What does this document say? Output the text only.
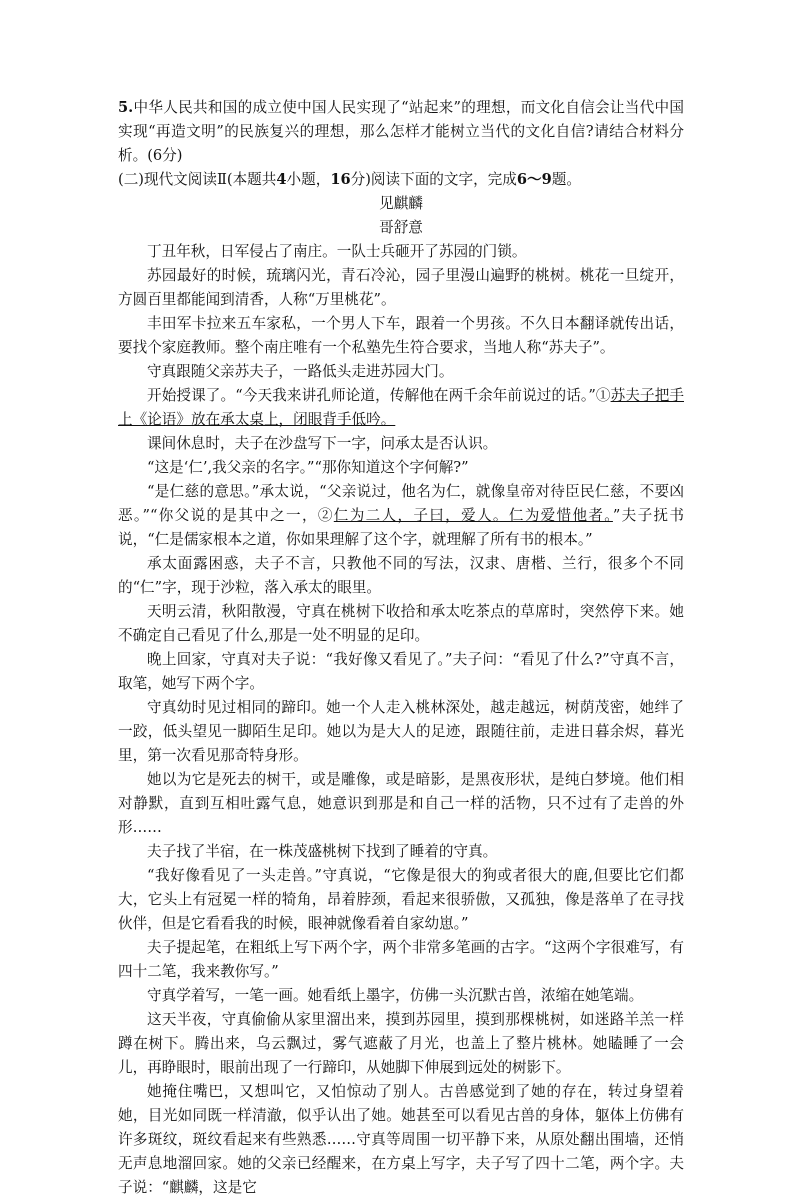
5.中华人民共和国的成立使中国人民实现了“站起来”的理想，而文化自信会让当代中国实现“再造文明”的民族复兴的理想，那么怎样才能树立当代的文化自信?请结合材料分析。(6分)
(二)现代文阅读Ⅱ(本题共4小题，16分)阅读下面的文字，完成6～9题。
见麒麟
哥舒意
丁丑年秋，日军侵占了南庄。一队士兵砸开了苏园的门锁。
苏园最好的时候，琉璃闪光，青石冷沁，园子里漫山遍野的桃树。桃花一旦绽开，方圆百里都能闻到清香，人称“万里桃花”。
丰田军卡拉来五车家私，一个男人下车，跟着一个男孩。不久日本翻译就传出话，要找个家庭教师。整个南庄唯有一个私塾先生符合要求，当地人称“苏夫子”。
守真跟随父亲苏夫子，一路低头走进苏园大门。
开始授课了。“今天我来讲孔师论道，传解他在两千余年前说过的话。”①苏夫子把手上《论语》放在承太桌上，闭眼背手低吟。
课间休息时，夫子在沙盘写下一字，问承太是否认识。
“这是‘仁’,我父亲的名字。”“那你知道这个字何解?”
“是仁慈的意思。”承太说，“父亲说过，他名为仁，就像皇帝对待臣民仁慈，不要凶恶。”“你父说的是其中之一，②仁为二人，子曰，爱人。仁为爱惜他者。”夫子抚书说，“仁是儒家根本之道，你如果理解了这个字，就理解了所有书的根本。”
承太面露困惑，夫子不言，只教他不同的写法，汉隶、唐楷、兰行，很多个不同的“仁”字，现于沙粒，落入承太的眼里。
天明云清，秋阳散漫，守真在桃树下收拾和承太吃茶点的草席时，突然停下来。她不确定自己看见了什么,那是一处不明显的足印。
晚上回家，守真对夫子说：“我好像又看见了。”夫子问：“看见了什么?”守真不言，取笔，她写下两个字。
守真幼时见过相同的蹄印。她一个人走入桃林深处，越走越远，树荫茂密，她绊了一跤，低头望见一脚陌生足印。她以为是大人的足迹，跟随往前，走进日暮余烬，暮光里，第一次看见那奇特身形。
她以为它是死去的树干，或是雕像，或是暗影，是黑夜形状，是纯白梦境。他们相对静默，直到互相吐露气息，她意识到那是和自己一样的活物，只不过有了走兽的外形……
夫子找了半宿，在一株茂盛桃树下找到了睡着的守真。
“我好像看见了一头走兽。”守真说，“它像是很大的狗或者很大的鹿,但要比它们都大，它头上有冠冕一样的犄角，昂着脖颈，看起来很骄傲，又孤独，像是落单了在寻找伙伴，但是它看看我的时候，眼神就像看着自家幼崽。”
夫子提起笔，在粗纸上写下两个字，两个非常多笔画的古字。“这两个字很难写，有四十二笔，我来教你写。”
守真学着写，一笔一画。她看纸上墨字，仿佛一头沉默古兽，浓缩在她笔端。
这天半夜，守真偷偷从家里溜出来，摸到苏园里，摸到那棵桃树，如迷路羊羔一样蹲在树下。腾出来，乌云飘过，雾气遮蔽了月光，也盖上了整片桃林。她瞌睡了一会儿，再睁眼时，眼前出现了一行蹄印，从她脚下伸展到远处的树影下。
她掩住嘴巴，又想叫它，又怕惊动了别人。古兽感觉到了她的存在，转过身望着她，目光如同既一样清澈，似乎认出了她。她甚至可以看见古兽的身体，躯体上仿佛有许多斑纹，斑纹看起来有些熟悉……守真等周围一切平静下来，从原处翻出围墙，还悄无声息地溜回家。她的父亲已经醒来，在方桌上写字，夫子写了四十二笔，两个字。夫子说：“麒麟，这是它
